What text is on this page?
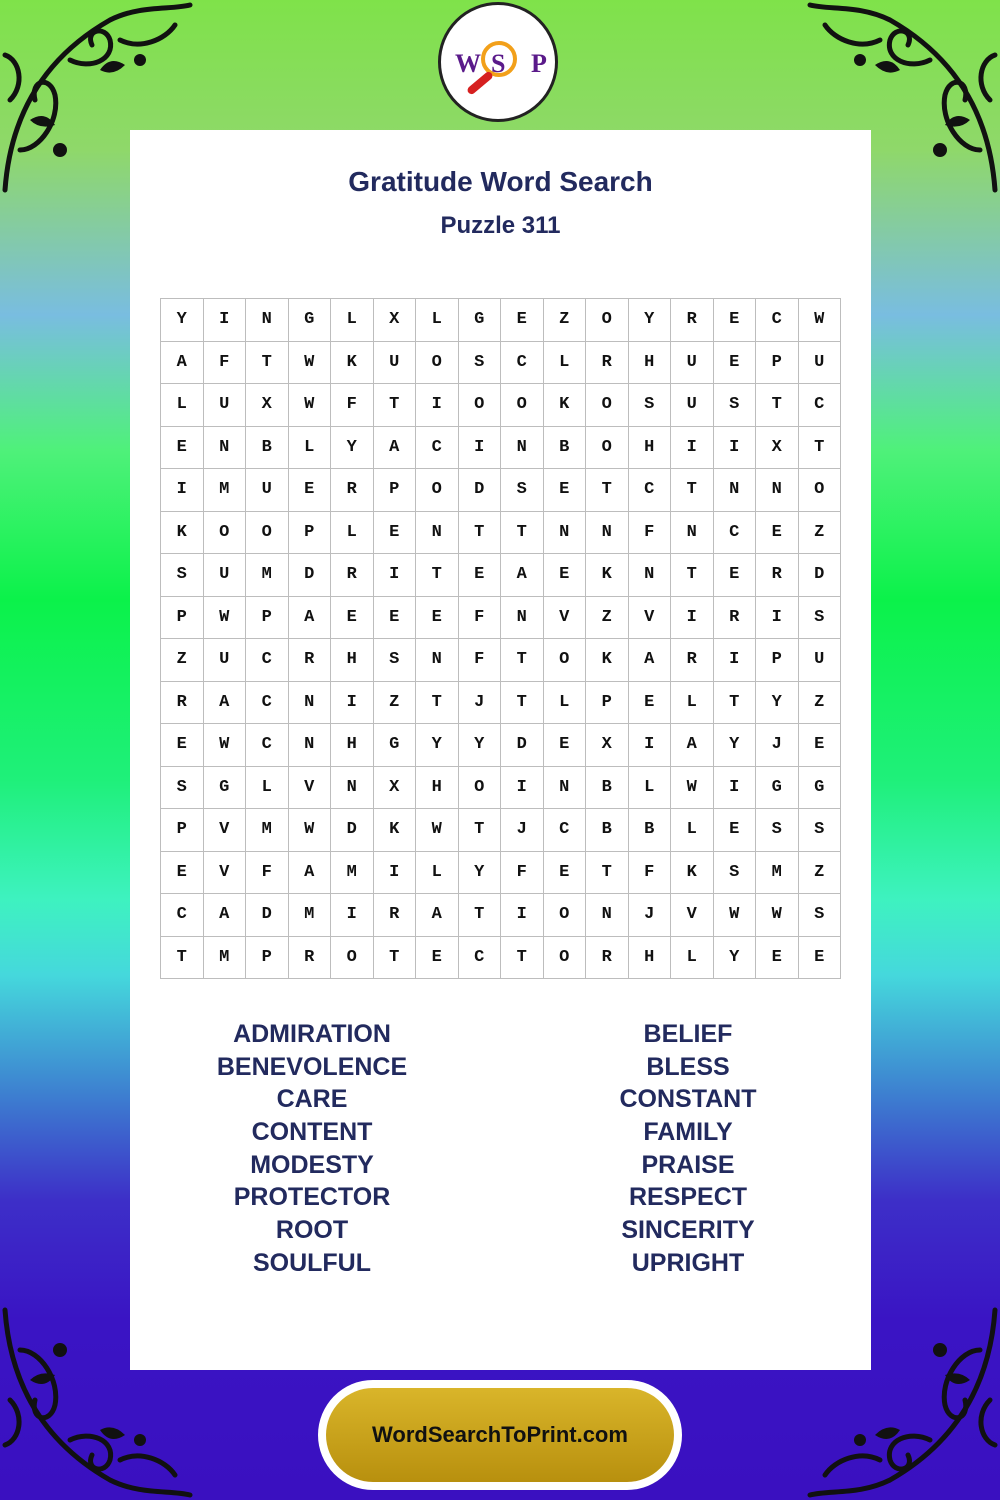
W S P
Gratitude Word Search
Puzzle 311
Y	I	N	G	L	X	L	G	E	Z	O	Y	R	E	C	W
A	F	T	W	K	U	O	S	C	L	R	H	U	E	P	U
L	U	X	W	F	T	I	O	O	K	O	S	U	S	T	C
E	N	B	L	Y	A	C	I	N	B	O	H	I	I	X	T
I	M	U	E	R	P	O	D	S	E	T	C	T	N	N	O
K	O	O	P	L	E	N	T	T	N	N	F	N	C	E	Z
S	U	M	D	R	I	T	E	A	E	K	N	T	E	R	D
P	W	P	A	E	E	E	F	N	V	Z	V	I	R	I	S
Z	U	C	R	H	S	N	F	T	O	K	A	R	I	P	U
R	A	C	N	I	Z	T	J	T	L	P	E	L	T	Y	Z
E	W	C	N	H	G	Y	Y	D	E	X	I	A	Y	J	E
S	G	L	V	N	X	H	O	I	N	B	L	W	I	G	G
P	V	M	W	D	K	W	T	J	C	B	B	L	E	S	S
E	V	F	A	M	I	L	Y	F	E	T	F	K	S	M	Z
C	A	D	M	I	R	A	T	I	O	N	J	V	W	W	S
T	M	P	R	O	T	E	C	T	O	R	H	L	Y	E	E
ADMIRATION
BENEVOLENCE
CARE
CONTENT
MODESTY
PROTECTOR
ROOT
SOULFUL
BELIEF
BLESS
CONSTANT
FAMILY
PRAISE
RESPECT
SINCERITY
UPRIGHT
WordSearchToPrint.com
